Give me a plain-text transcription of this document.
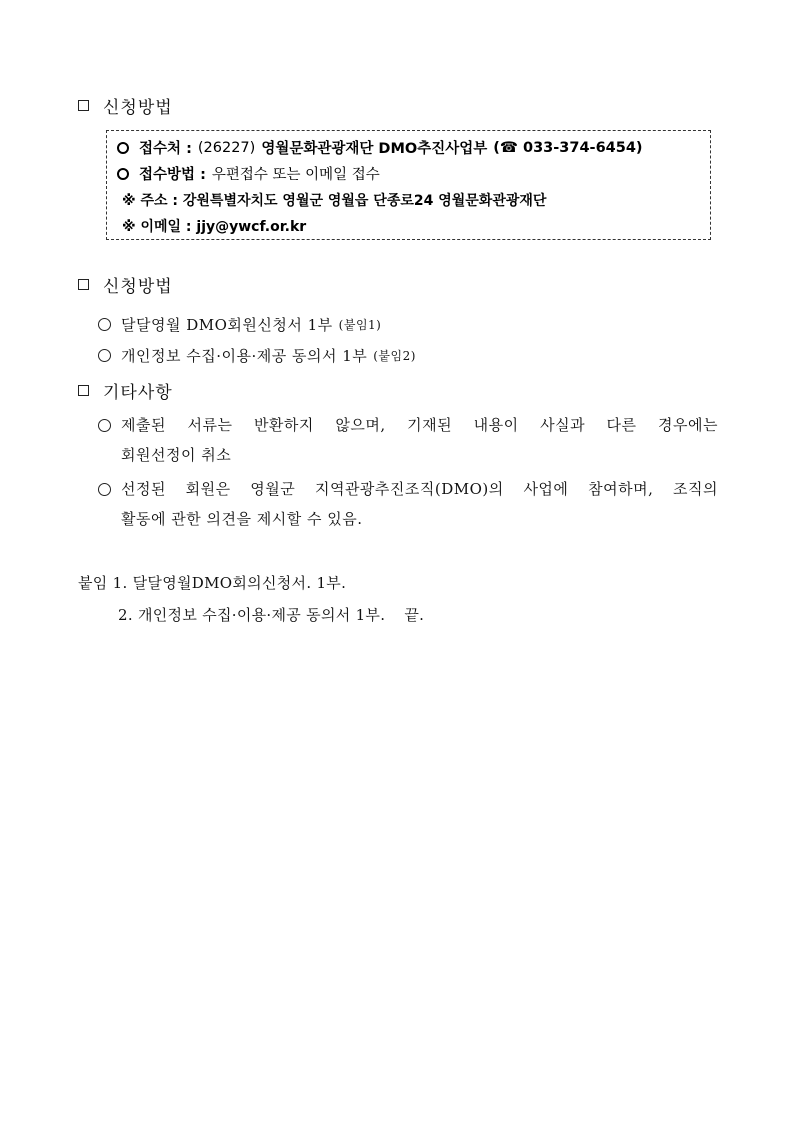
신청방법
접수처 : (26227) 영월문화관광재단 DMO추진사업부 (☎ 033-374-6454)
접수방법 : 우편접수 또는 이메일 접수
※ 주소 : 강원특별자치도 영월군 영월읍 단종로24 영월문화관광재단
※ 이메일 : jjy@ywcf.or.kr
신청방법
달달영월 DMO회원신청서 1부 (붙임1)
개인정보 수집·이용·제공 동의서 1부 (붙임2)
기타사항
제출된 서류는 반환하지 않으며, 기재된 내용이 사실과 다른 경우에는
회원선정이 취소
선정된 회원은 영월군 지역관광추진조직(DMO)의 사업에 참여하며, 조직의
활동에 관한 의견을 제시할 수 있음.
붙임 1. 달달영월DMO회의신청서. 1부.
2. 개인정보 수집·이용·제공 동의서 1부. 끝.
